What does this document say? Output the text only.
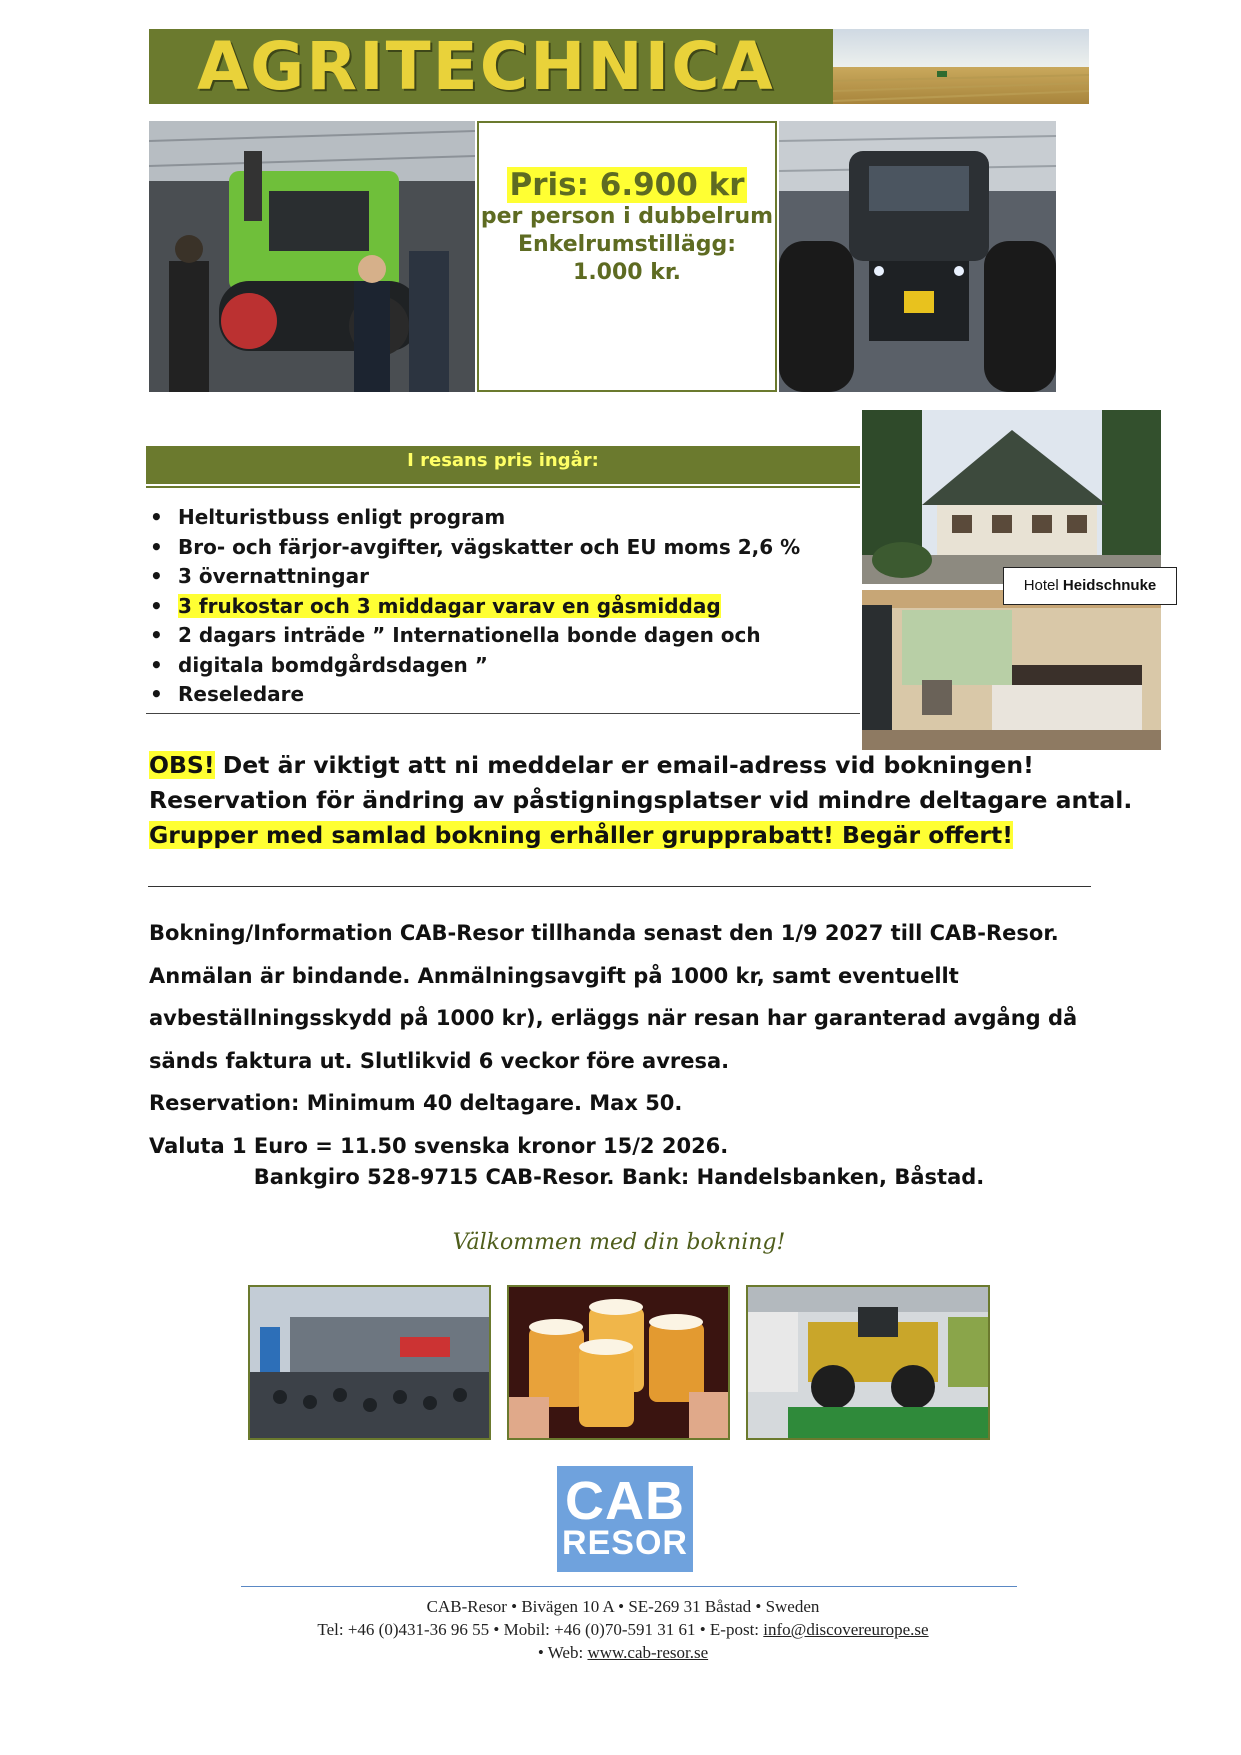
AGRITECHNICA
Pris: 6.900 kr
per person i dubbelrum
Enkelrumstillägg:
1.000 kr.
I resans pris ingår:
• Helturistbuss enligt program
• Bro- och färjor-avgifter, vägskatter och EU moms 2,6 %
• 3 övernattningar
• 3 frukostar och 3 middagar varav en gåsmiddag
• 2 dagars inträde ” Internationella bonde dagen och
• digitala bomdgårdsdagen ”
• Reseledare
Hotel Heidschnuke
OBS! Det är viktigt att ni meddelar er email-adress vid bokningen!
Reservation för ändring av påstigningsplatser vid mindre deltagare antal.
Grupper med samlad bokning erhåller grupprabatt! Begär offert!
Bokning/Information CAB-Resor tillhanda senast den 1/9 2027 till CAB-Resor.
Anmälan är bindande. Anmälningsavgift på 1000 kr, samt eventuellt
avbeställningsskydd på 1000 kr), erläggs när resan har garanterad avgång då
sänds faktura ut. Slutlikvid 6 veckor före avresa.
Reservation: Minimum 40 deltagare. Max 50.
Valuta 1 Euro = 11.50 svenska kronor 15/2 2026.
Bankgiro 528-9715 CAB-Resor. Bank: Handelsbanken, Båstad.
Välkommen med din bokning!
CAB
RESOR
CAB-Resor • Bivägen 10 A • SE-269 31 Båstad • Sweden
Tel: +46 (0)431-36 96 55 • Mobil: +46 (0)70-591 31 61 • E-post: info@discovereurope.se
• Web: www.cab-resor.se
